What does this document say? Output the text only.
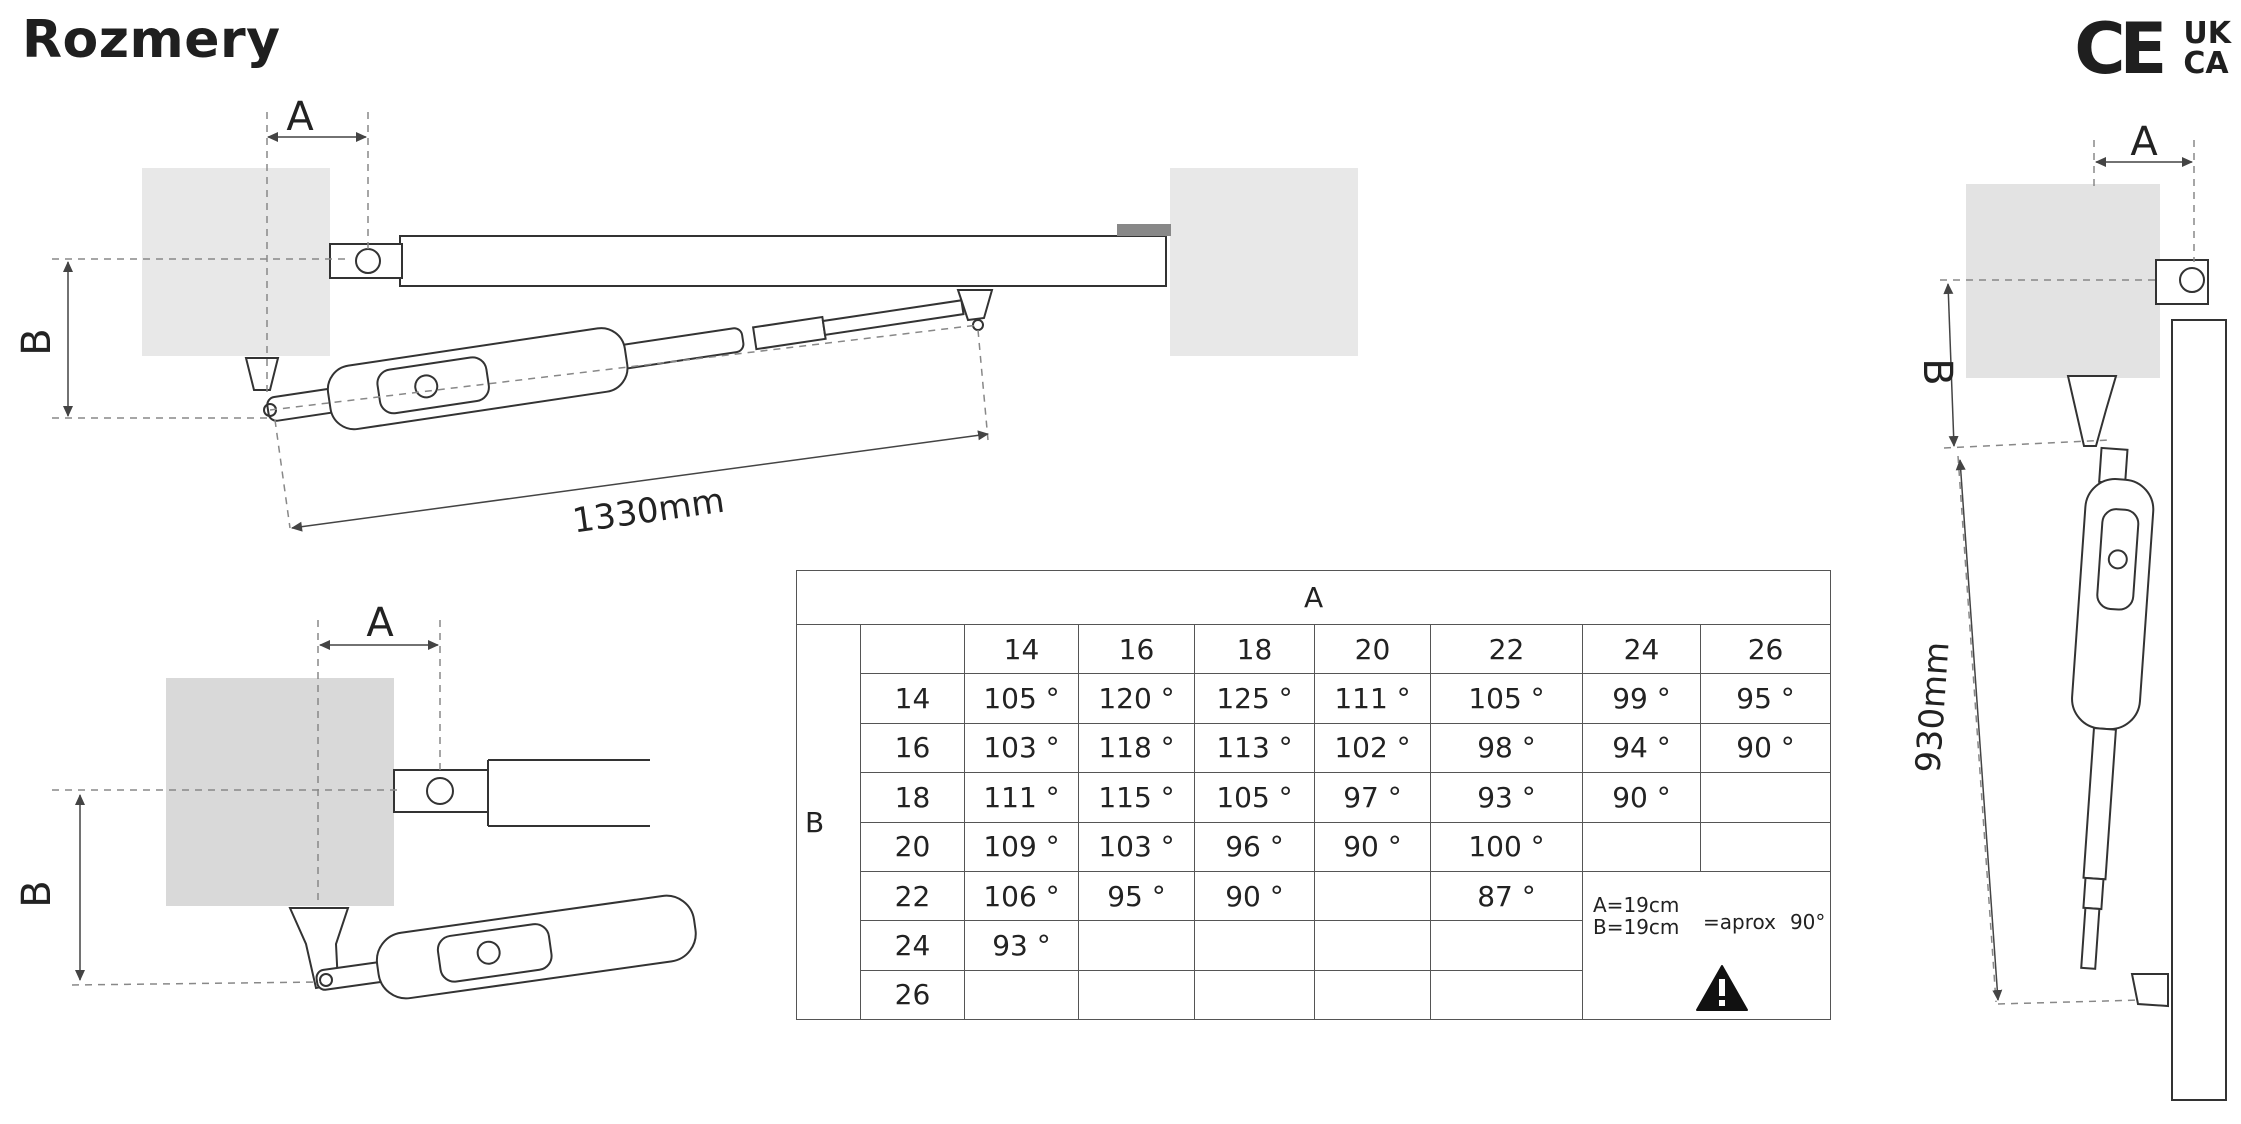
Rozmery	CE UK
CA
A
B
1330mm
A
B
A
B
930mm
A								
B		14	16	18	20	22	24	26
	14	105 °	120 °	125 °	111 °	105 °	99 °	95 °
	16	103 °	118 °	113 °	102 °	98 °	94 °	90 °
	18	111 °	115 °	105 °	97 °	93 °	90 °	
	20	109 °	103 °	96 °	90 °	100 °		
	22	106 °	95 °	90 °		87 °	A=19cm
B=19cm =aprox 90°	

	24	93 °						
	26							
